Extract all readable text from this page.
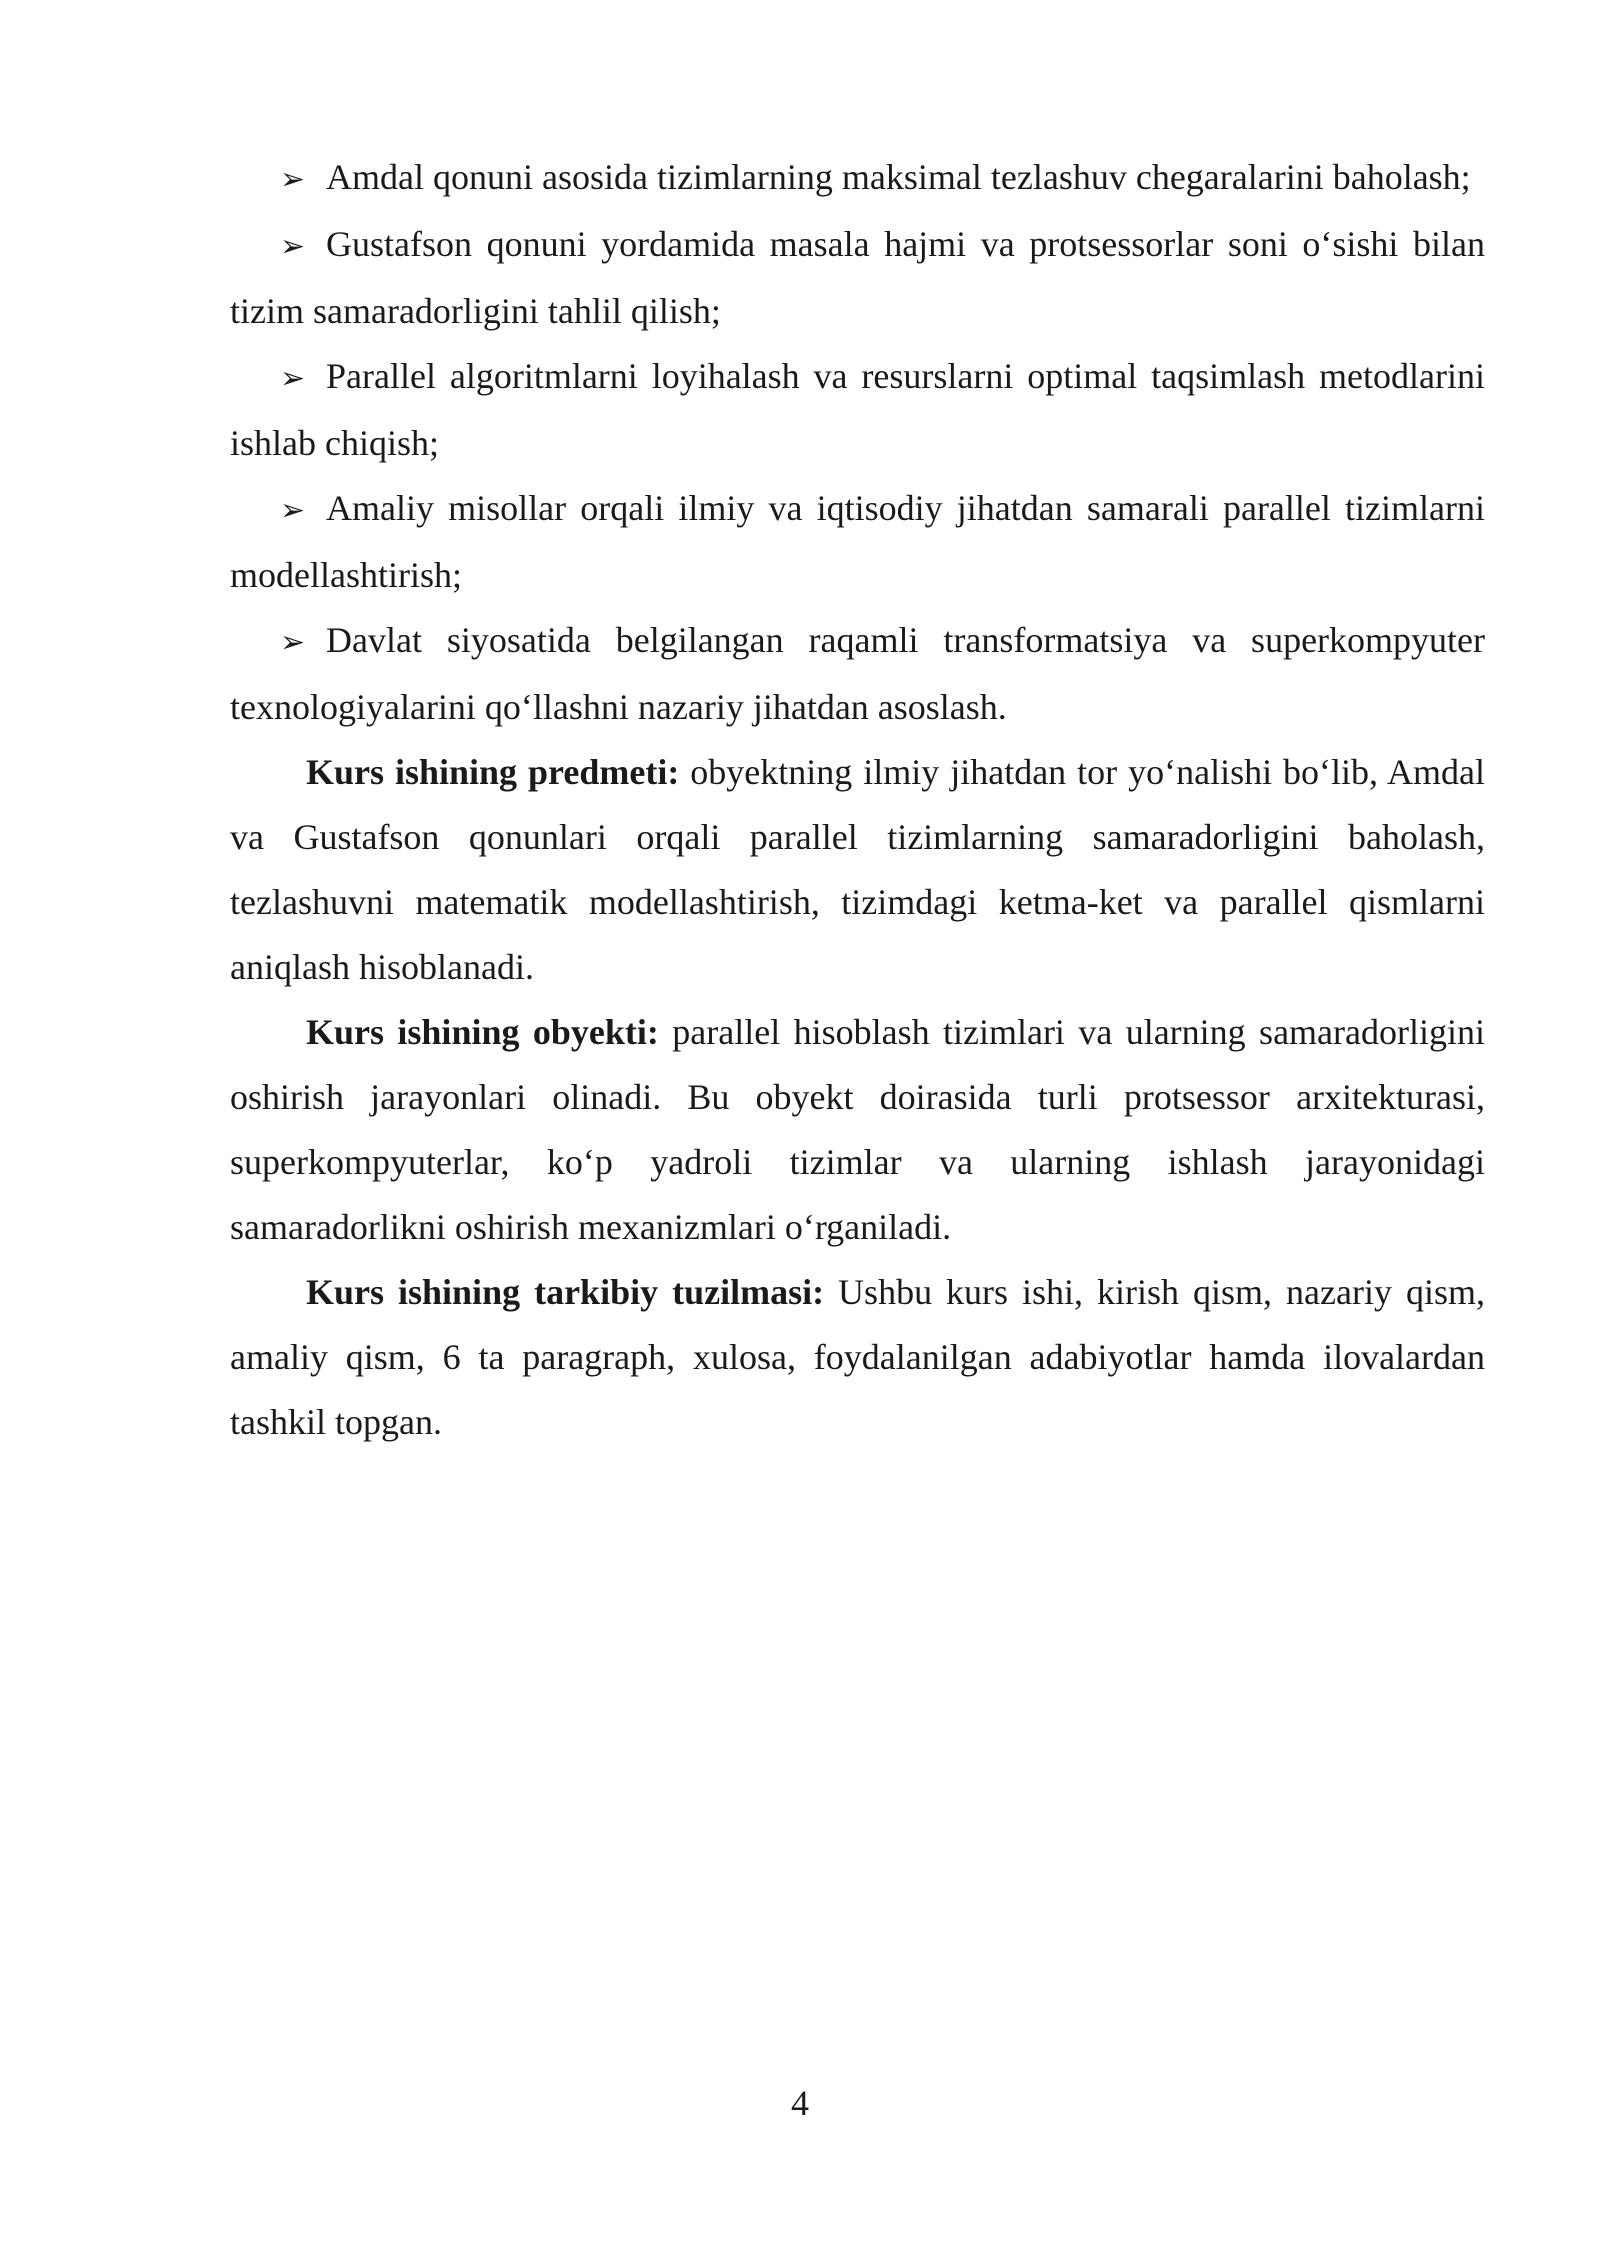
➢ Amdal qonuni asosida tizimlarning maksimal tezlashuv chegaralarini baholash;

➢ Gustafson qonuni yordamida masala hajmi va protsessorlar soni o‘sishi bilan tizim samaradorligini tahlil qilish;

➢ Parallel algoritmlarni loyihalash va resurslarni optimal taqsimlash metodlarini ishlab chiqish;

➢ Amaliy misollar orqali ilmiy va iqtisodiy jihatdan samarali parallel tizimlarni modellashtirish;

➢ Davlat siyosatida belgilangan raqamli transformatsiya va superkompyuter texnologiyalarini qo‘llashni nazariy jihatdan asoslash.

Kurs ishining predmeti: obyektning ilmiy jihatdan tor yo‘nalishi bo‘lib, Amdal va Gustafson qonunlari orqali parallel tizimlarning samaradorligini baholash, tezlashuvni matematik modellashtirish, tizimdagi ketma-ket va parallel qismlarni aniqlash hisoblanadi.

Kurs ishining obyekti: parallel hisoblash tizimlari va ularning samaradorligini oshirish jarayonlari olinadi. Bu obyekt doirasida turli protsessor arxitekturasi, superkompyuterlar, ko‘p yadroli tizimlar va ularning ishlash jarayonidagi samaradorlikni oshirish mexanizmlari o‘rganiladi.

Kurs ishining tarkibiy tuzilmasi: Ushbu kurs ishi, kirish qism, nazariy qism, amaliy qism, 6 ta paragraph, xulosa, foydalanilgan adabiyotlar hamda ilovalardan tashkil topgan.

4
